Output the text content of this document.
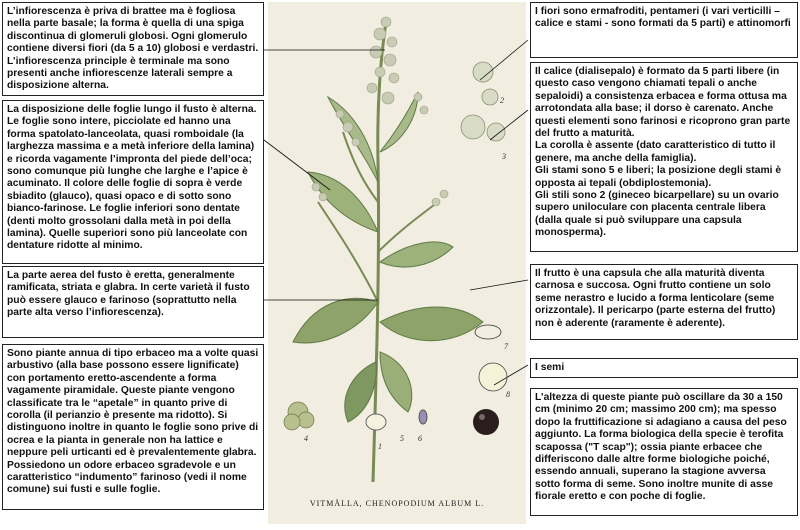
L’infiorescenza è priva di brattee ma è fogliosa nella parte basale; la forma è quella di una spiga discontinua di glomeruli globosi. Ogni glomerulo contiene diversi fiori (da 5 a 10) globosi e verdastri. L’infiorescenza principle è terminale ma sono presenti anche infiorescenze laterali sempre a disposizione alterna.
La disposizione delle foglie lungo il fusto è alterna. Le foglie sono intere, picciolate ed hanno una forma spatolato-lanceolata, quasi romboidale (la larghezza massima e a metà inferiore della lamina) e ricorda vagamente l’impronta del piede dell’oca; sono comunque più lunghe che larghe e l’apice è acuminato. Il colore delle foglie di sopra è verde sbiadito (glauco), quasi opaco e di sotto sono bianco-farinose. Le foglie inferiori sono dentate (denti molto grossolani dalla metà in poi della lamina). Quelle superiori sono più lanceolate con dentature ridotte al minimo.
La parte aerea del fusto è eretta, generalmente ramificata, striata e glabra. In certe varietà il fusto può essere glauco e farinoso (soprattutto nella parte alta verso l’infiorescenza).
Sono piante annua di tipo erbaceo ma a volte quasi arbustivo (alla base possono essere lignificate) con portamento eretto-ascendente a forma vagamente piramidale. Queste piante vengono classificate tra le “apetale” in quanto prive di corolla (il perianzio è presente ma ridotto). Si distinguono inoltre in quanto le foglie sono prive di ocrea e la pianta in generale non ha lattice e neppure peli urticanti ed è prevalentemente glabra. Possiedono un odore erbaceo sgradevole e un caratteristico “indumento” farinoso (vedi il nome comune) sui fusti e sulle foglie.
1
2
3
4	5 6
7
8
VITMÅLLA, CHENOPODIUM ALBUM L.
I fiori sono ermafroditi, pentameri (i vari verticilli – calice e stami - sono formati da 5 parti) e attinomorfi
Il calice (dialisepalo) è formato da 5 parti libere (in questo caso vengono chiamati tepali o anche sepaloidi) a consistenza erbacea e forma ottusa ma arrotondata alla base; il dorso è carenato. Anche questi elementi sono farinosi e ricoprono gran parte del frutto a maturità.
La corolla è assente (dato caratteristico di tutto il genere, ma anche della famiglia).
Gli stami sono 5 e liberi; la posizione degli stami è opposta ai tepali (obdiplostemonia).
Gli stili sono 2 (gineceo bicarpellare) su un ovario supero uniloculare con placenta centrale libera (dalla quale si può sviluppare una capsula monosperma).
Il frutto è una capsula che alla maturità diventa carnosa e succosa. Ogni frutto contiene un solo seme nerastro e lucido a forma lenticolare (seme orizzontale). Il pericarpo (parte esterna del frutto) non è aderente (raramente è aderente).
I semi
L’altezza di queste piante può oscillare da 30 a 150 cm (minimo 20 cm; massimo 200 cm); ma spesso dopo la fruttificazione si adagiano a causa del peso aggiunto. La forma biologica della specie è terofita scapossa ("T scap"); ossia piante erbacee che differiscono dalle altre forme biologiche poiché, essendo annuali, superano la stagione avversa sotto forma di seme. Sono inoltre munite di asse fiorale eretto e con poche di foglie.
